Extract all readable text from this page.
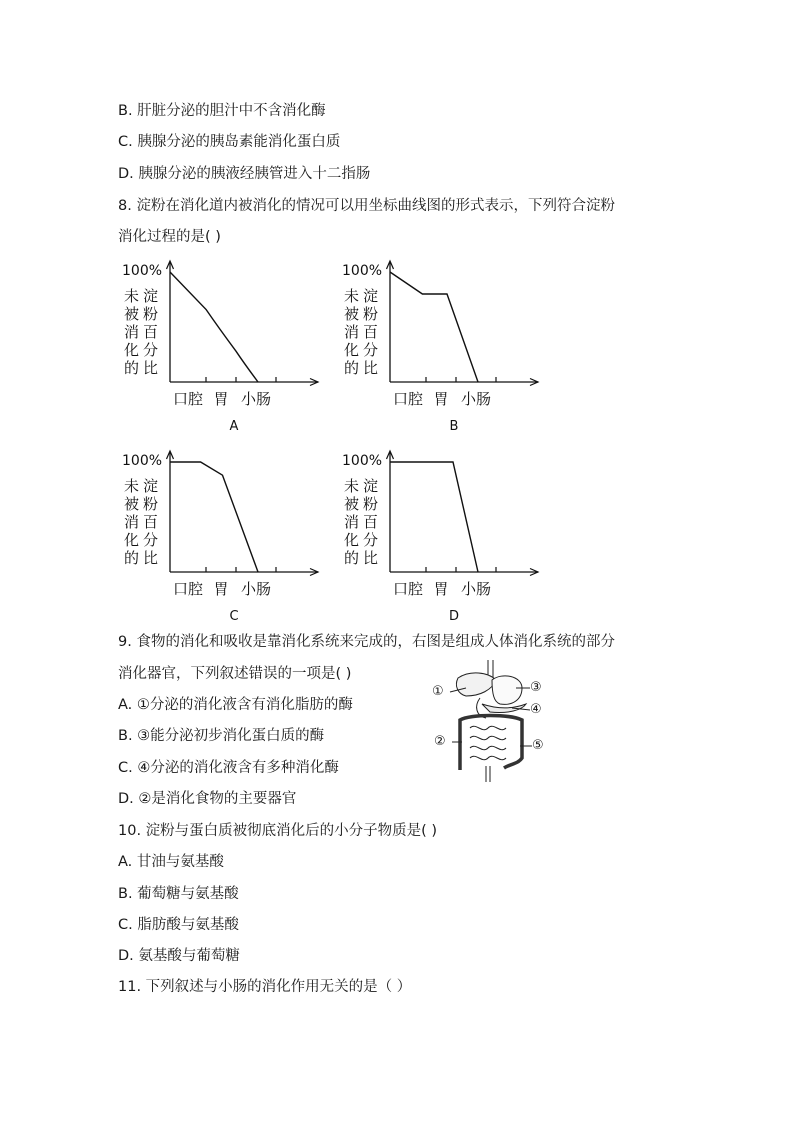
B. 肝脏分泌的胆汁中不含消化酶
C. 胰腺分泌的胰岛素能消化蛋白质
D. 胰腺分泌的胰液经胰管进入十二指肠
8. 淀粉在消化道内被消化的情况可以用坐标曲线图的形式表示，下列符合淀粉
消化过程的是( )
100%
未
被
消
化
的
淀
粉
百
分
比
口腔 胃 小肠
A
100%
未
被
消
化
的
淀
粉
百
分
比
口腔 胃 小肠
B
100%
未
被
消
化
的
淀
粉
百
分
比
口腔 胃 小肠
C
100%
未
被
消
化
的
淀
粉
百
分
比
口腔 胃 小肠
D
9. 食物的消化和吸收是靠消化系统来完成的，右图是组成人体消化系统的部分
消化器官，下列叙述错误的一项是( )
A. ①分泌的消化液含有消化脂肪的酶
B. ③能分泌初步消化蛋白质的酶
C. ④分泌的消化液含有多种消化酶
D. ②是消化食物的主要器官
①
②
③
④
⑤
10. 淀粉与蛋白质被彻底消化后的小分子物质是( )
A. 甘油与氨基酸
B. 葡萄糖与氨基酸
C. 脂肪酸与氨基酸
D. 氨基酸与葡萄糖
11. 下列叙述与小肠的消化作用无关的是（ ）
